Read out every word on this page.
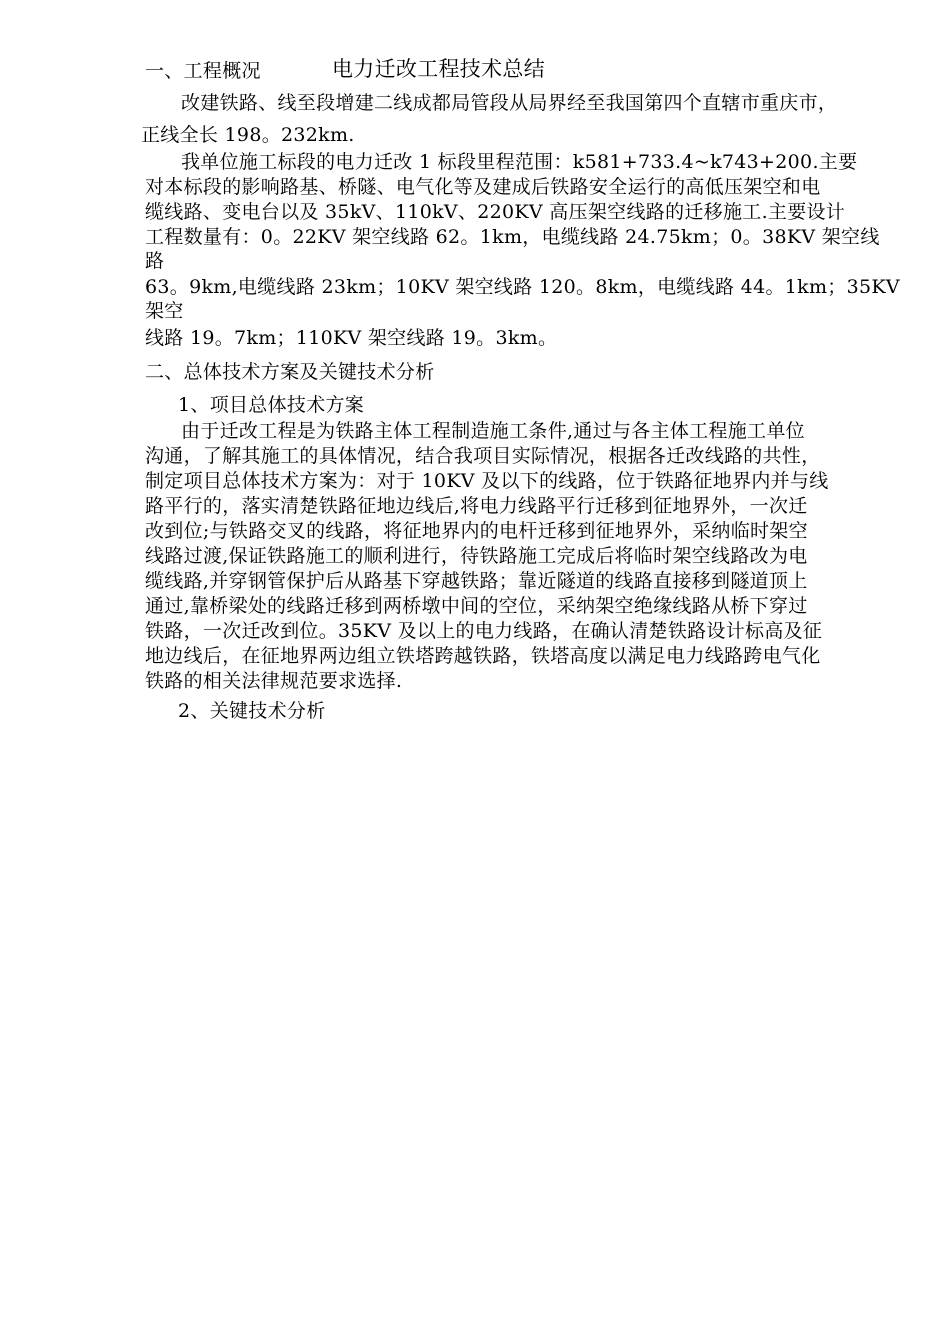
一、工程概况	电力迁改工程技术总结
改建铁路、线至段增建二线成都局管段从局界经至我国第四个直辖市重庆市，
正线全长 198。232km.
我单位施工标段的电力迁改 1 标段里程范围：k581+733.4~k743+200.主要
对本标段的影响路基、桥隧、电气化等及建成后铁路安全运行的高低压架空和电
缆线路、变电台以及 35kV、110kV、220KV 高压架空线路的迁移施工.主要设计
工程数量有：0。22KV 架空线路 62。1km，电缆线路 24.75km；0。38KV 架空线
路
63。9km,电缆线路 23km；10KV 架空线路 120。8km，电缆线路 44。1km；35KV
架空
线路 19。7km；110KV 架空线路 19。3km。
二、总体技术方案及关键技术分析
1、项目总体技术方案
由于迁改工程是为铁路主体工程制造施工条件,通过与各主体工程施工单位
沟通，了解其施工的具体情况，结合我项目实际情况，根据各迁改线路的共性，
制定项目总体技术方案为：对于 10KV 及以下的线路，位于铁路征地界内并与线
路平行的，落实清楚铁路征地边线后,将电力线路平行迁移到征地界外，一次迁
改到位;与铁路交叉的线路，将征地界内的电杆迁移到征地界外，采纳临时架空
线路过渡,保证铁路施工的顺利进行，待铁路施工完成后将临时架空线路改为电
缆线路,并穿钢管保护后从路基下穿越铁路；靠近隧道的线路直接移到隧道顶上
通过,靠桥梁处的线路迁移到两桥墩中间的空位，采纳架空绝缘线路从桥下穿过
铁路，一次迁改到位。35KV 及以上的电力线路，在确认清楚铁路设计标高及征
地边线后，在征地界两边组立铁塔跨越铁路，铁塔高度以满足电力线路跨电气化
铁路的相关法律规范要求选择.
2、关键技术分析
